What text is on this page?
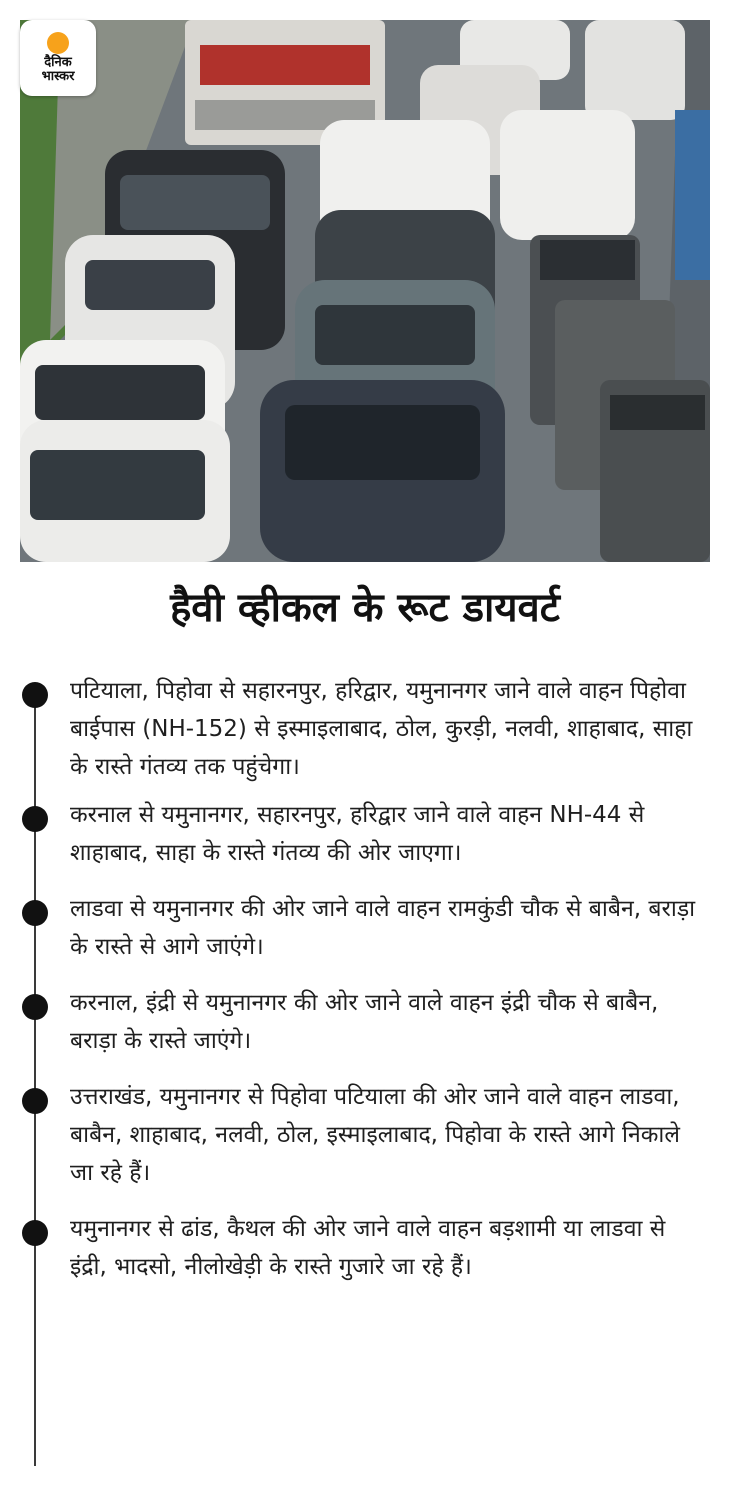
दैनिक
भास्कर
हैवी व्हीकल के रूट डायवर्ट
पटियाला, पिहोवा से सहारनपुर, हरिद्वार, यमुनानगर जाने वाले वाहन पिहोवा बाईपास (NH-152) से इस्माइलाबाद, ठोल, कुरड़ी, नलवी, शाहाबाद, साहा के रास्ते गंतव्य तक पहुंचेगा।
करनाल से यमुनानगर, सहारनपुर, हरिद्वार जाने वाले वाहन NH-44 से शाहाबाद, साहा के रास्ते गंतव्य की ओर जाएगा।
लाडवा से यमुनानगर की ओर जाने वाले वाहन रामकुंडी चौक से बाबैन, बराड़ा के रास्ते से आगे जाएंगे।
करनाल, इंद्री से यमुनानगर की ओर जाने वाले वाहन इंद्री चौक से बाबैन, बराड़ा के रास्ते जाएंगे।
उत्तराखंड, यमुनानगर से पिहोवा पटियाला की ओर जाने वाले वाहन लाडवा, बाबैन, शाहाबाद, नलवी, ठोल, इस्माइलाबाद, पिहोवा के रास्ते आगे निकाले जा रहे हैं।
यमुनानगर से ढांड, कैथल की ओर जाने वाले वाहन बड़शामी या लाडवा से इंद्री, भादसो, नीलोखेड़ी के रास्ते गुजारे जा रहे हैं।
